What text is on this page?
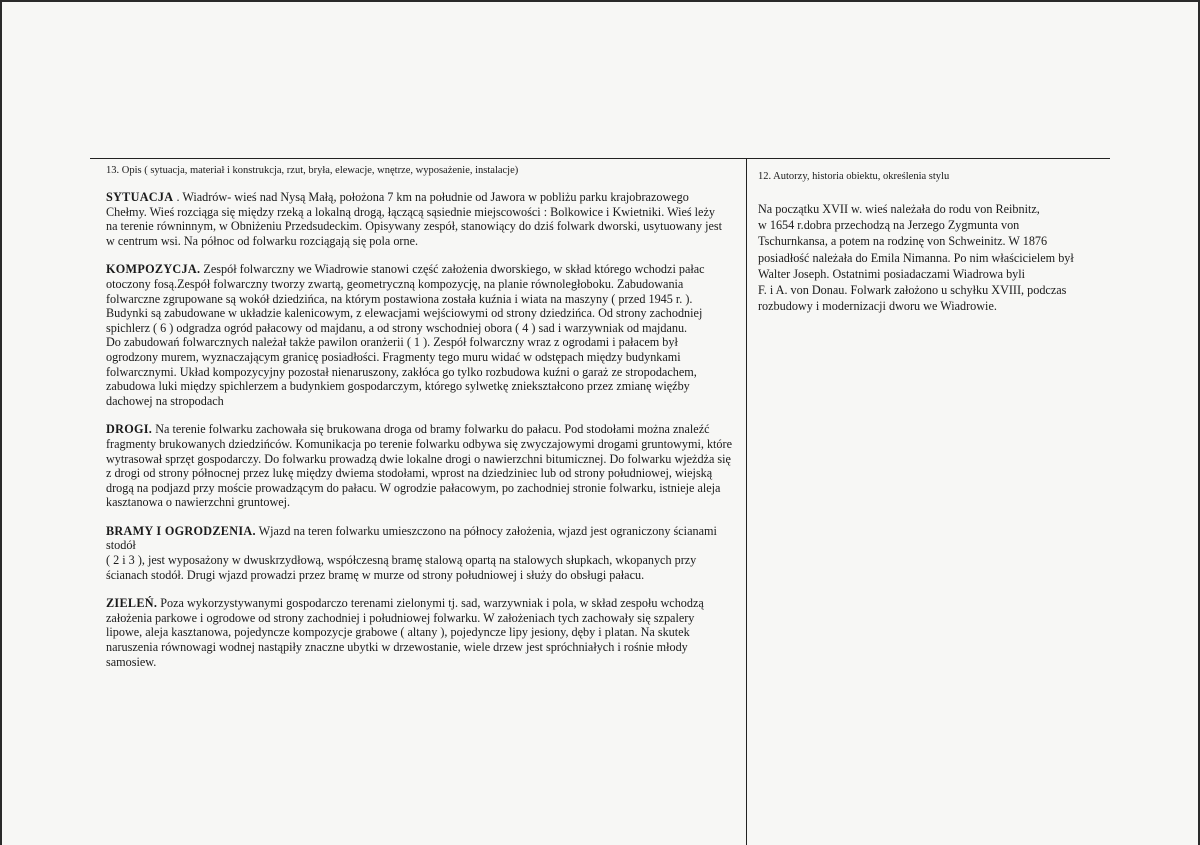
13. Opis ( sytuacja, materiał i konstrukcja, rzut, bryła, elewacje, wnętrze, wyposażenie, instalacje)
12. Autorzy, historia obiektu, określenia stylu
SYTUACJA . Wiadrów- wieś nad Nysą Małą, położona 7 km na południe od Jawora w pobliżu parku krajobrazowego
Chełmy. Wieś rozciąga się między rzeką a lokalną drogą, łączącą sąsiednie miejscowości : Bolkowice i Kwietniki. Wieś leży
na terenie równinnym, w Obniżeniu Przedsudeckim. Opisywany zespół, stanowiący do dziś folwark dworski, usytuowany jest
w centrum wsi. Na północ od folwarku rozciągają się pola orne.
KOMPOZYCJA. Zespół folwarczny we Wiadrowie stanowi część założenia dworskiego, w skład którego wchodzi pałac
otoczony fosą.Zespół folwarczny tworzy zwartą, geometryczną kompozycję, na planie równoległoboku. Zabudowania
folwarczne zgrupowane są wokół dziedzińca, na którym postawiona została kuźnia i wiata na maszyny ( przed 1945 r. ).
Budynki są zabudowane w układzie kalenicowym, z elewacjami wejściowymi od strony dziedzińca. Od strony zachodniej
spichlerz ( 6 ) odgradza ogród pałacowy od majdanu, a od strony wschodniej obora ( 4 ) sad i warzywniak od majdanu.
Do zabudowań folwarcznych należał także pawilon oranżerii ( 1 ). Zespół folwarczny wraz z ogrodami i pałacem był
ogrodzony murem, wyznaczającym granicę posiadłości. Fragmenty tego muru widać w odstępach między budynkami
folwarcznymi. Układ kompozycyjny pozostał nienaruszony, zakłóca go tylko rozbudowa kuźni o garaż ze stropodachem,
zabudowa luki między spichlerzem a budynkiem gospodarczym, którego sylwetkę zniekształcono przez zmianę więźby
dachowej na stropodach
DROGI. Na terenie folwarku zachowała się brukowana droga od bramy folwarku do pałacu. Pod stodołami można znaleźć
fragmenty brukowanych dziedzińców. Komunikacja po terenie folwarku odbywa się zwyczajowymi drogami gruntowymi, które
wytrasował sprzęt gospodarczy. Do folwarku prowadzą dwie lokalne drogi o nawierzchni bitumicznej. Do folwarku wjeżdża się
z drogi od strony północnej przez lukę między dwiema stodołami, wprost na dziedziniec lub od strony południowej, wiejską
drogą na podjazd przy moście prowadzącym do pałacu. W ogrodzie pałacowym, po zachodniej stronie folwarku, istnieje aleja
kasztanowa o nawierzchni gruntowej.
BRAMY I OGRODZENIA. Wjazd na teren folwarku umieszczono na północy założenia, wjazd jest ograniczony ścianami
stodół
( 2 i 3 ), jest wyposażony w dwuskrzydłową, współczesną bramę stalową opartą na stalowych słupkach, wkopanych przy
ścianach stodół. Drugi wjazd prowadzi przez bramę w murze od strony południowej i służy do obsługi pałacu.
ZIELEŃ. Poza wykorzystywanymi gospodarczo terenami zielonymi tj. sad, warzywniak i pola, w skład zespołu wchodzą
założenia parkowe i ogrodowe od strony zachodniej i południowej folwarku. W założeniach tych zachowały się szpalery
lipowe, aleja kasztanowa, pojedyncze kompozycje grabowe ( altany ), pojedyncze lipy jesiony, dęby i platan. Na skutek
naruszenia równowagi wodnej nastąpiły znaczne ubytki w drzewostanie, wiele drzew jest spróchniałych i rośnie młody
samosiew.
Na początku XVII w. wieś należała do rodu von Reibnitz,
w 1654 r.dobra przechodzą na Jerzego Zygmunta von
Tschurnkansa, a potem na rodzinę von Schweinitz. W 1876
posiadłość należała do Emila Nimanna. Po nim właścicielem był
Walter Joseph. Ostatnimi posiadaczami Wiadrowa byli
F. i A. von Donau. Folwark założono u schyłku XVIII, podczas
rozbudowy i modernizacji dworu we Wiadrowie.
